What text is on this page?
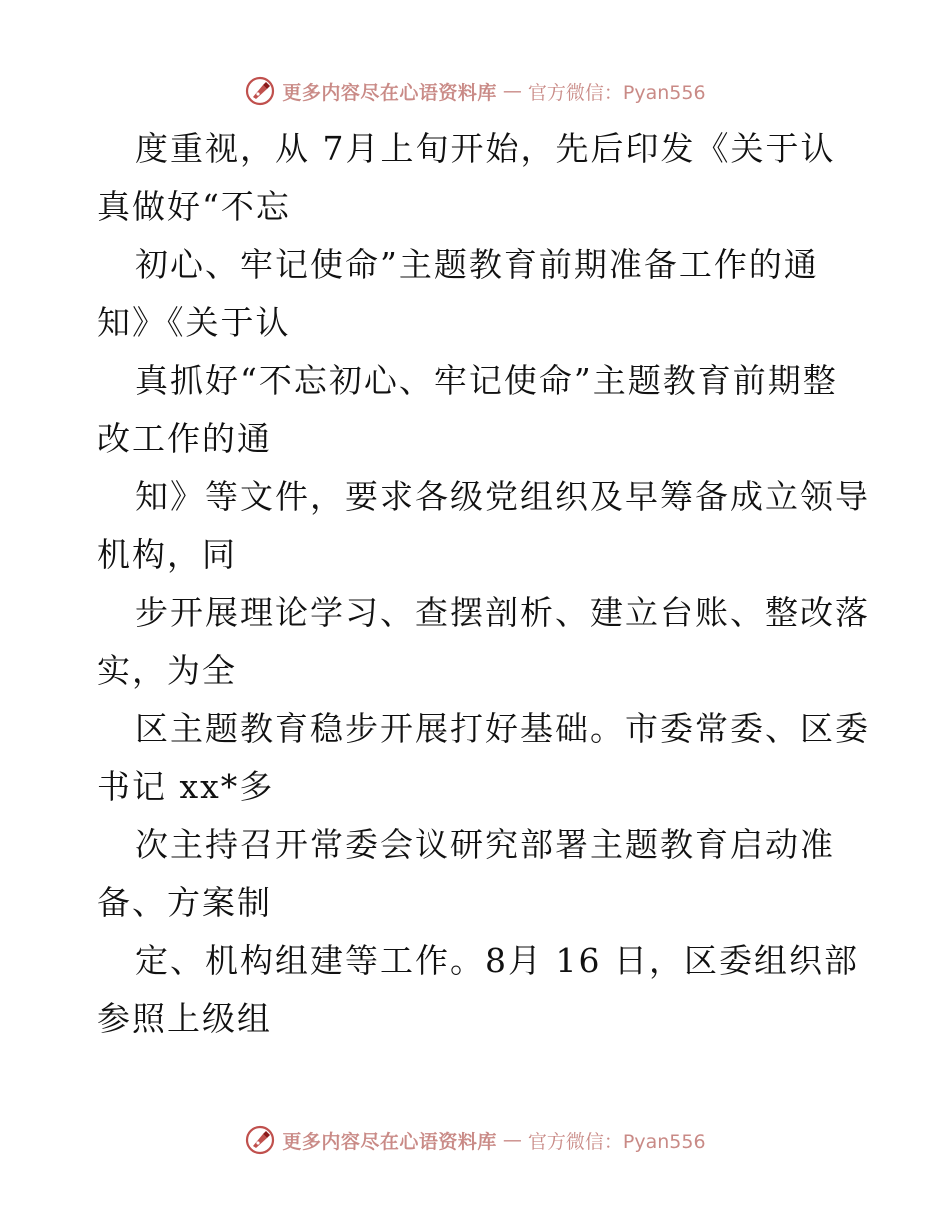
更多内容尽在心语资料库 — 官方微信：Pyan556
度重视，从 7月上旬开始，先后印发《关于认
真做好“不忘
初心、牢记使命”主题教育前期准备工作的通
知》《关于认
真抓好“不忘初心、牢记使命”主题教育前期整
改工作的通
知》等文件，要求各级党组织及早筹备成立领导
机构，同
步开展理论学习、查摆剖析、建立台账、整改落
实，为全
区主题教育稳步开展打好基础。市委常委、区委
书记 xx*多
次主持召开常委会议研究部署主题教育启动准
备、方案制
定、机构组建等工作。8月 16 日，区委组织部
参照上级组
更多内容尽在心语资料库 — 官方微信：Pyan556
